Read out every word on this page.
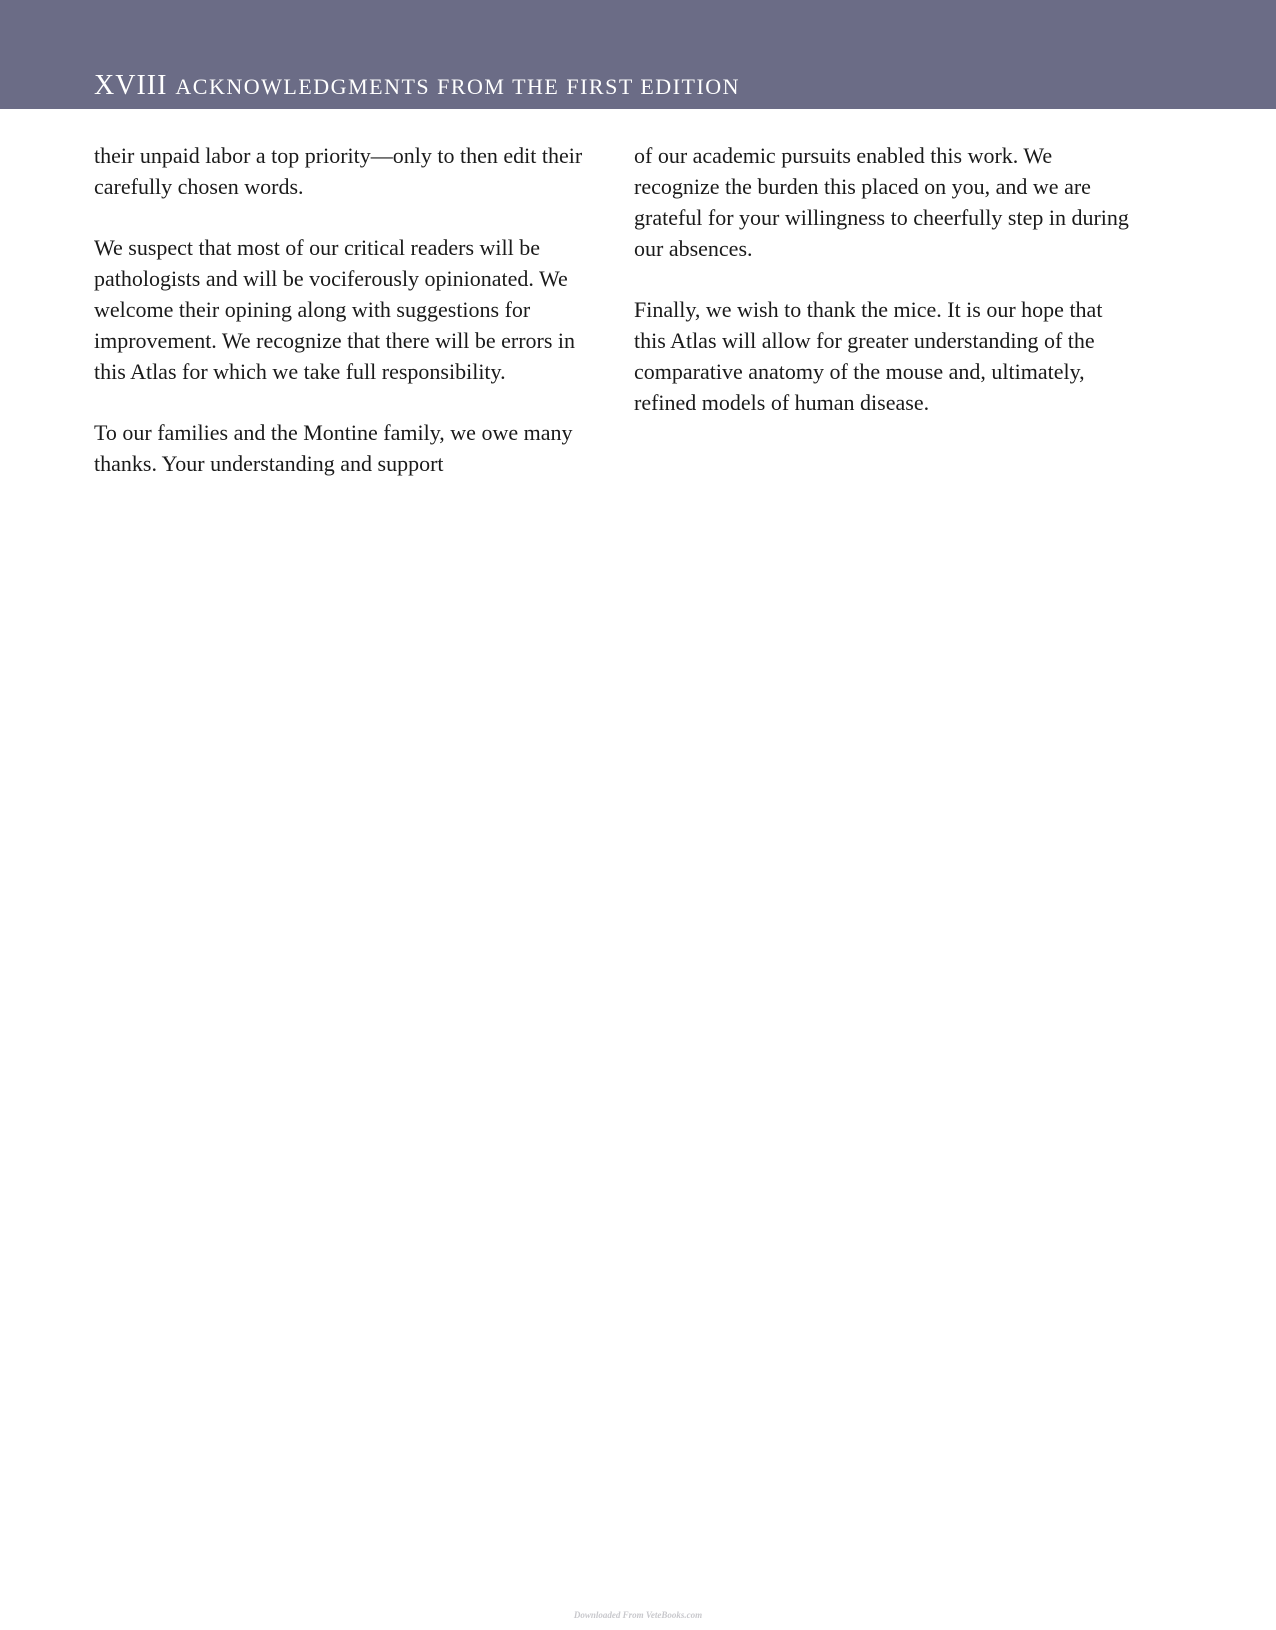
XVIII ACKNOWLEDGMENTS FROM THE FIRST EDITION

their unpaid labor a top priority—only to then edit their carefully chosen words.

We suspect that most of our critical readers will be pathologists and will be vociferously opinionated. We welcome their opining along with suggestions for improvement. We recognize that there will be errors in this Atlas for which we take full responsibility.

To our families and the Montine family, we owe many thanks. Your understanding and support

of our academic pursuits enabled this work. We recognize the burden this placed on you, and we are grateful for your willingness to cheerfully step in during our absences.

Finally, we wish to thank the mice. It is our hope that this Atlas will allow for greater understanding of the comparative anatomy of the mouse and, ultimately, refined models of human disease.

Downloaded From VeteBooks.com
